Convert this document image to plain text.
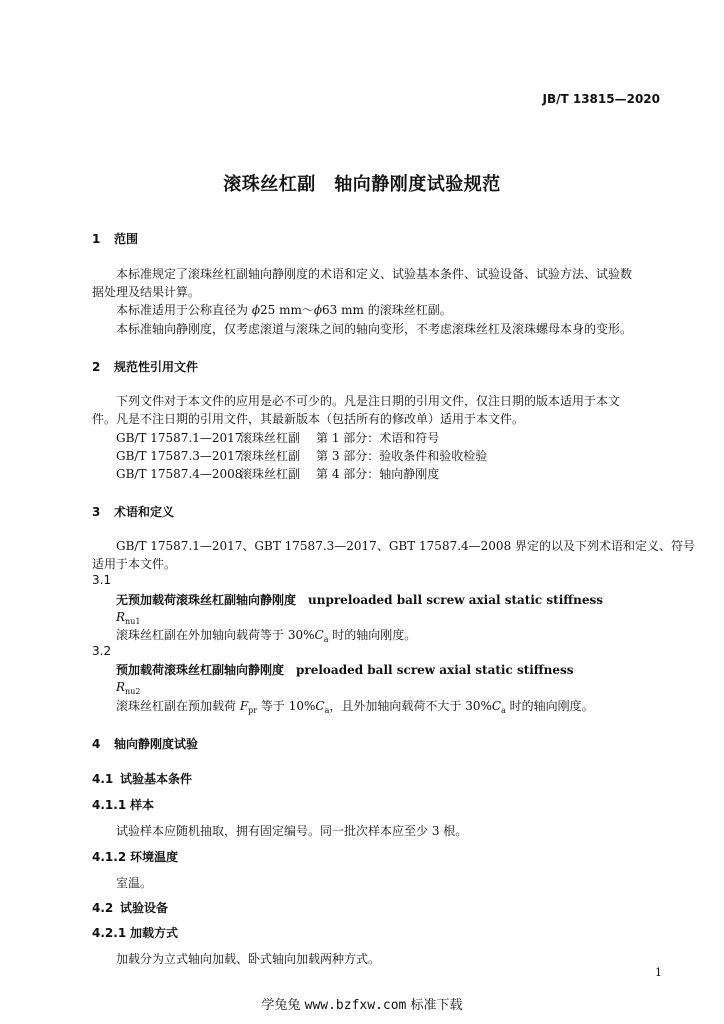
JB/T 13815—2020
滚珠丝杠副　轴向静刚度试验规范
1 范围
本标准规定了滚珠丝杠副轴向静刚度的术语和定义、试验基本条件、试验设备、试验方法、试验数
据处理及结果计算。
本标准适用于公称直径为 ϕ25 mm～ϕ63 mm 的滚珠丝杠副。
本标准轴向静刚度，仅考虑滚道与滚珠之间的轴向变形，不考虑滚珠丝杠及滚珠螺母本身的变形。
2 规范性引用文件
下列文件对于本文件的应用是必不可少的。凡是注日期的引用文件，仅注日期的版本适用于本文
件。凡是不注日期的引用文件，其最新版本（包括所有的修改单）适用于本文件。
GB/T 17587.1—2017滚珠丝杠副 第 1 部分：术语和符号
GB/T 17587.3—2017滚珠丝杠副 第 3 部分：验收条件和验收检验
GB/T 17587.4—2008滚珠丝杠副 第 4 部分：轴向静刚度
3 术语和定义
GB/T 17587.1—2017、GBT 17587.3—2017、GBT 17587.4—2008 界定的以及下列术语和定义、符号
适用于本文件。
3.1
无预加载荷滚珠丝杠副轴向静刚度 unpreloaded ball screw axial static stiffness
$R_{nu1}$
滚珠丝杠副在外加轴向载荷等于 $30\%C_a$ 时的轴向刚度。
3.2
预加载荷滚珠丝杠副轴向静刚度 preloaded ball screw axial static stiffness
$R_{nu2}$
滚珠丝杠副在预加载荷 $F_{pr}$ 等于 $10\%C_a$，且外加轴向载荷不大于 $30\%C_a$ 时的轴向刚度。
4 轴向静刚度试验
4.1 试验基本条件
4.1.1 样本
试验样本应随机抽取，拥有固定编号。同一批次样本应至少 3 根。
4.1.2 环境温度
室温。
4.2 试验设备
4.2.1 加载方式
加载分为立式轴向加载、卧式轴向加载两种方式。
1
学兔兔 www.bzfxw.com 标准下载
